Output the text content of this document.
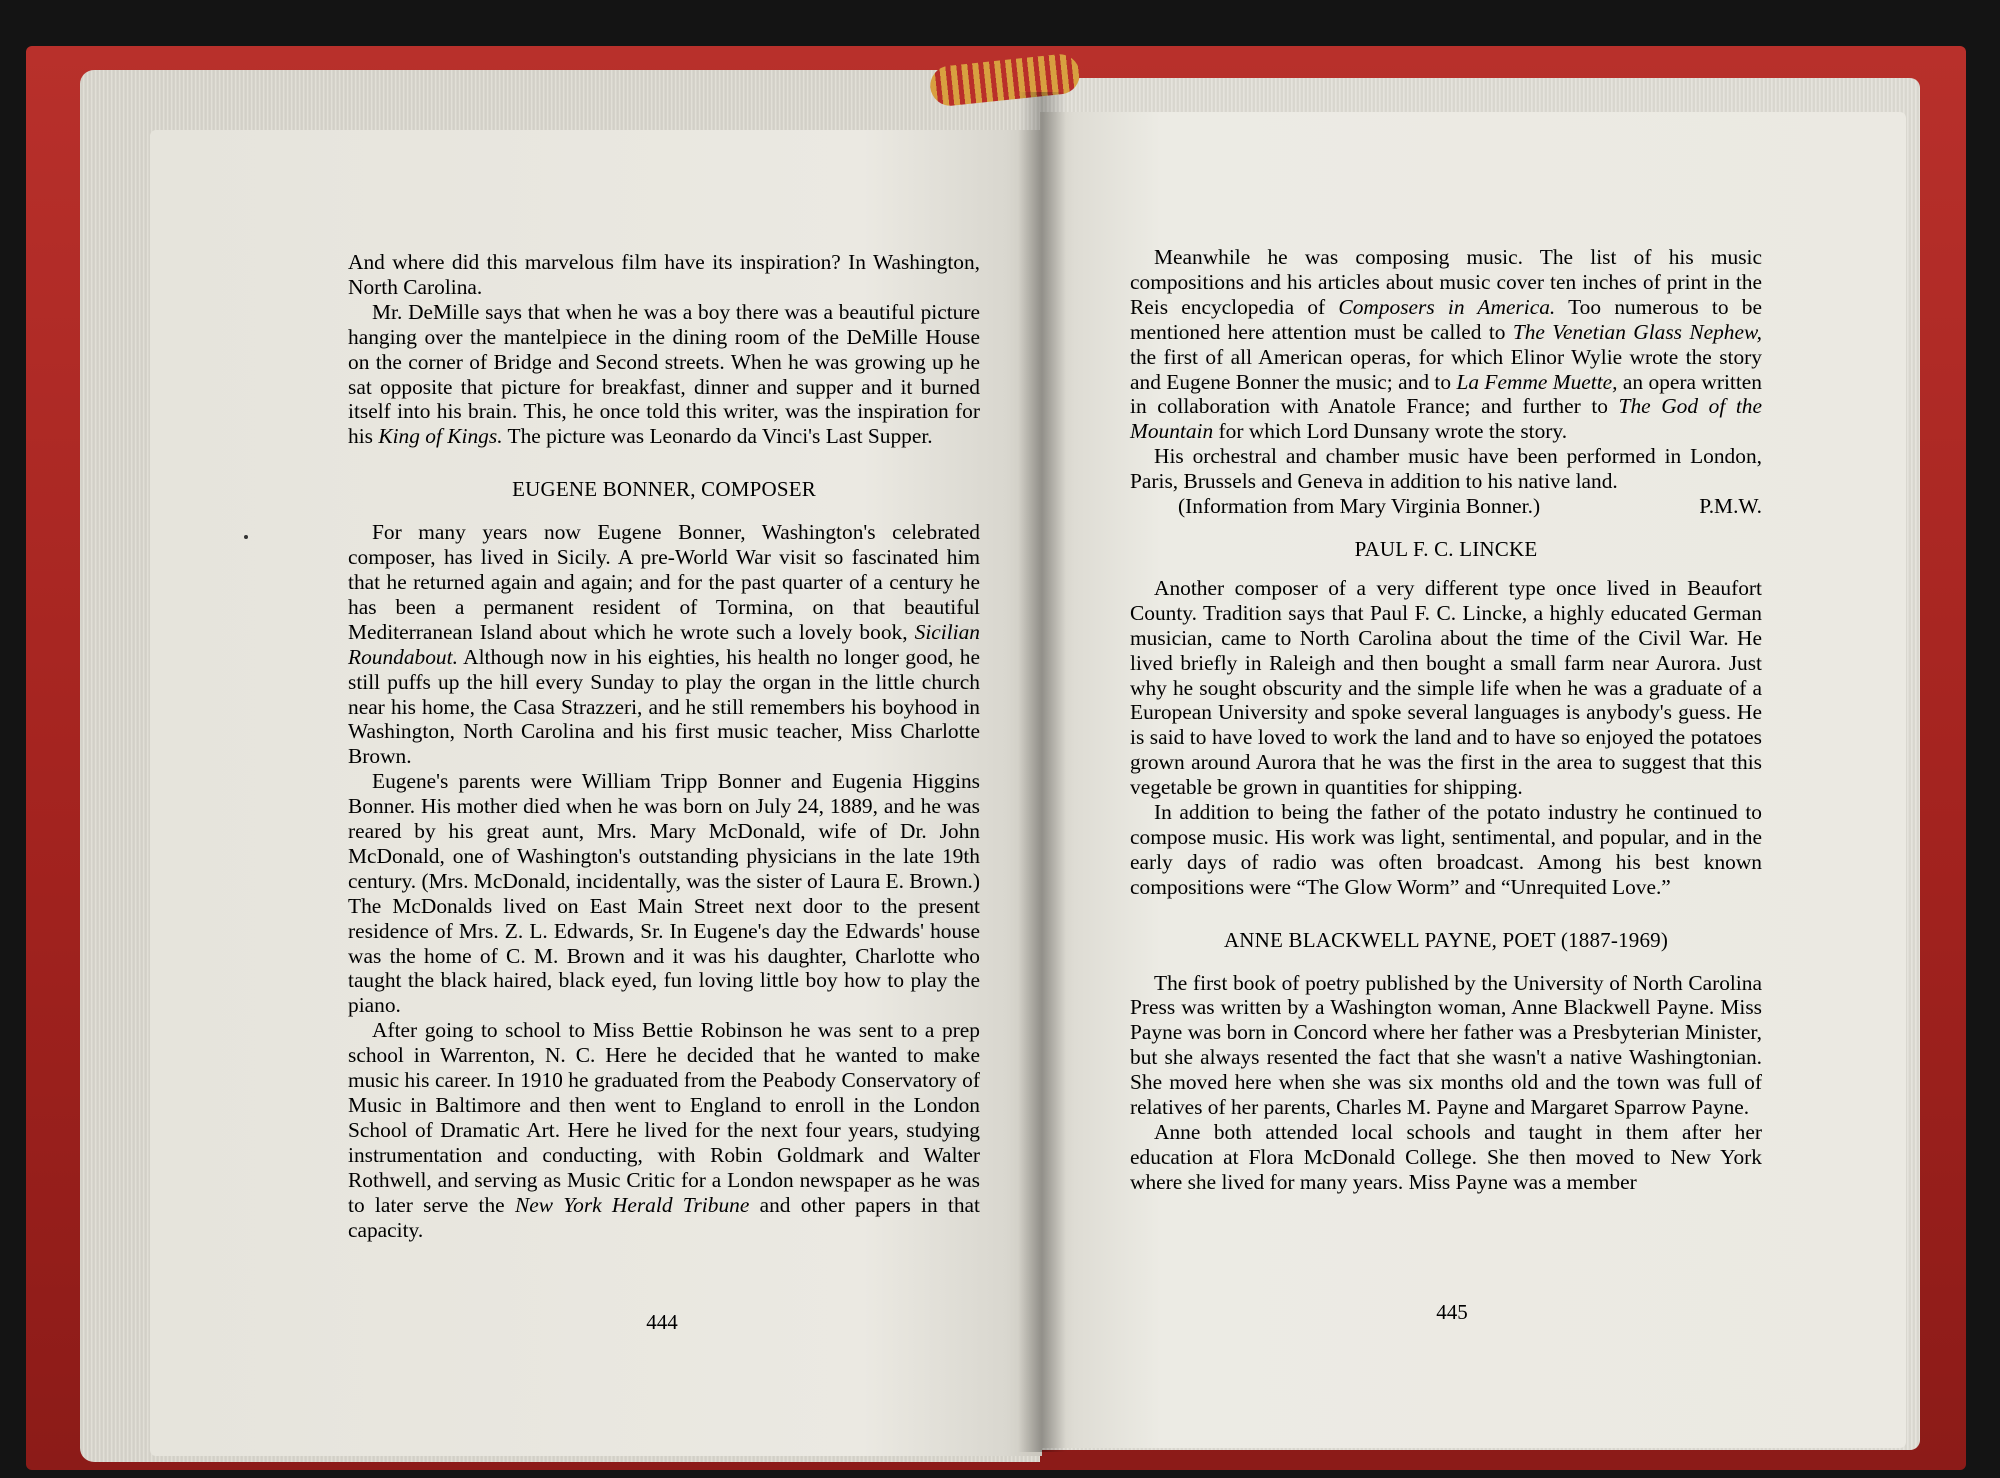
And where did this marvelous film have its inspiration? In Washington, North Carolina.

Mr. DeMille says that when he was a boy there was a beautiful picture hanging over the mantelpiece in the dining room of the DeMille House on the corner of Bridge and Second streets. When he was growing up he sat opposite that picture for breakfast, dinner and supper and it burned itself into his brain. This, he once told this writer, was the inspiration for his King of Kings. The picture was Leonardo da Vinci's Last Supper.

EUGENE BONNER, COMPOSER

For many years now Eugene Bonner, Washington's celebrated composer, has lived in Sicily. A pre-World War visit so fascinated him that he returned again and again; and for the past quarter of a century he has been a permanent resident of Tormina, on that beautiful Mediterranean Island about which he wrote such a lovely book, Sicilian Roundabout. Although now in his eighties, his health no longer good, he still puffs up the hill every Sunday to play the organ in the little church near his home, the Casa Strazzeri, and he still remembers his boyhood in Washington, North Carolina and his first music teacher, Miss Charlotte Brown.

Eugene's parents were William Tripp Bonner and Eugenia Higgins Bonner. His mother died when he was born on July 24, 1889, and he was reared by his great aunt, Mrs. Mary McDonald, wife of Dr. John McDonald, one of Washington's outstanding physicians in the late 19th century. (Mrs. McDonald, incidentally, was the sister of Laura E. Brown.) The McDonalds lived on East Main Street next door to the present residence of Mrs. Z. L. Edwards, Sr. In Eugene's day the Edwards' house was the home of C. M. Brown and it was his daughter, Charlotte who taught the black haired, black eyed, fun loving little boy how to play the piano.

After going to school to Miss Bettie Robinson he was sent to a prep school in Warrenton, N. C. Here he decided that he wanted to make music his career. In 1910 he graduated from the Peabody Conservatory of Music in Baltimore and then went to England to enroll in the London School of Dramatic Art. Here he lived for the next four years, studying instrumentation and conducting, with Robin Goldmark and Walter Rothwell, and serving as Music Critic for a London newspaper as he was to later serve the New York Herald Tribune and other papers in that capacity.

444

Meanwhile he was composing music. The list of his music compositions and his articles about music cover ten inches of print in the Reis encyclopedia of Composers in America. Too numerous to be mentioned here attention must be called to The Venetian Glass Nephew, the first of all American operas, for which Elinor Wylie wrote the story and Eugene Bonner the music; and to La Femme Muette, an opera written in collaboration with Anatole France; and further to The God of the Mountain for which Lord Dunsany wrote the story.

His orchestral and chamber music have been performed in London, Paris, Brussels and Geneva in addition to his native land.

(Information from Mary Virginia Bonner.)	P.M.W.

PAUL F. C. LINCKE

Another composer of a very different type once lived in Beaufort County. Tradition says that Paul F. C. Lincke, a highly educated German musician, came to North Carolina about the time of the Civil War. He lived briefly in Raleigh and then bought a small farm near Aurora. Just why he sought obscurity and the simple life when he was a graduate of a European University and spoke several languages is anybody's guess. He is said to have loved to work the land and to have so enjoyed the potatoes grown around Aurora that he was the first in the area to suggest that this vegetable be grown in quantities for shipping.

In addition to being the father of the potato industry he continued to compose music. His work was light, sentimental, and popular, and in the early days of radio was often broadcast. Among his best known compositions were “The Glow Worm” and “Unrequited Love.”

ANNE BLACKWELL PAYNE, POET (1887-1969)

The first book of poetry published by the University of North Carolina Press was written by a Washington woman, Anne Blackwell Payne. Miss Payne was born in Concord where her father was a Presbyterian Minister, but she always resented the fact that she wasn't a native Washingtonian. She moved here when she was six months old and the town was full of relatives of her parents, Charles M. Payne and Margaret Sparrow Payne.

Anne both attended local schools and taught in them after her education at Flora McDonald College. She then moved to New York where she lived for many years. Miss Payne was a member

445
